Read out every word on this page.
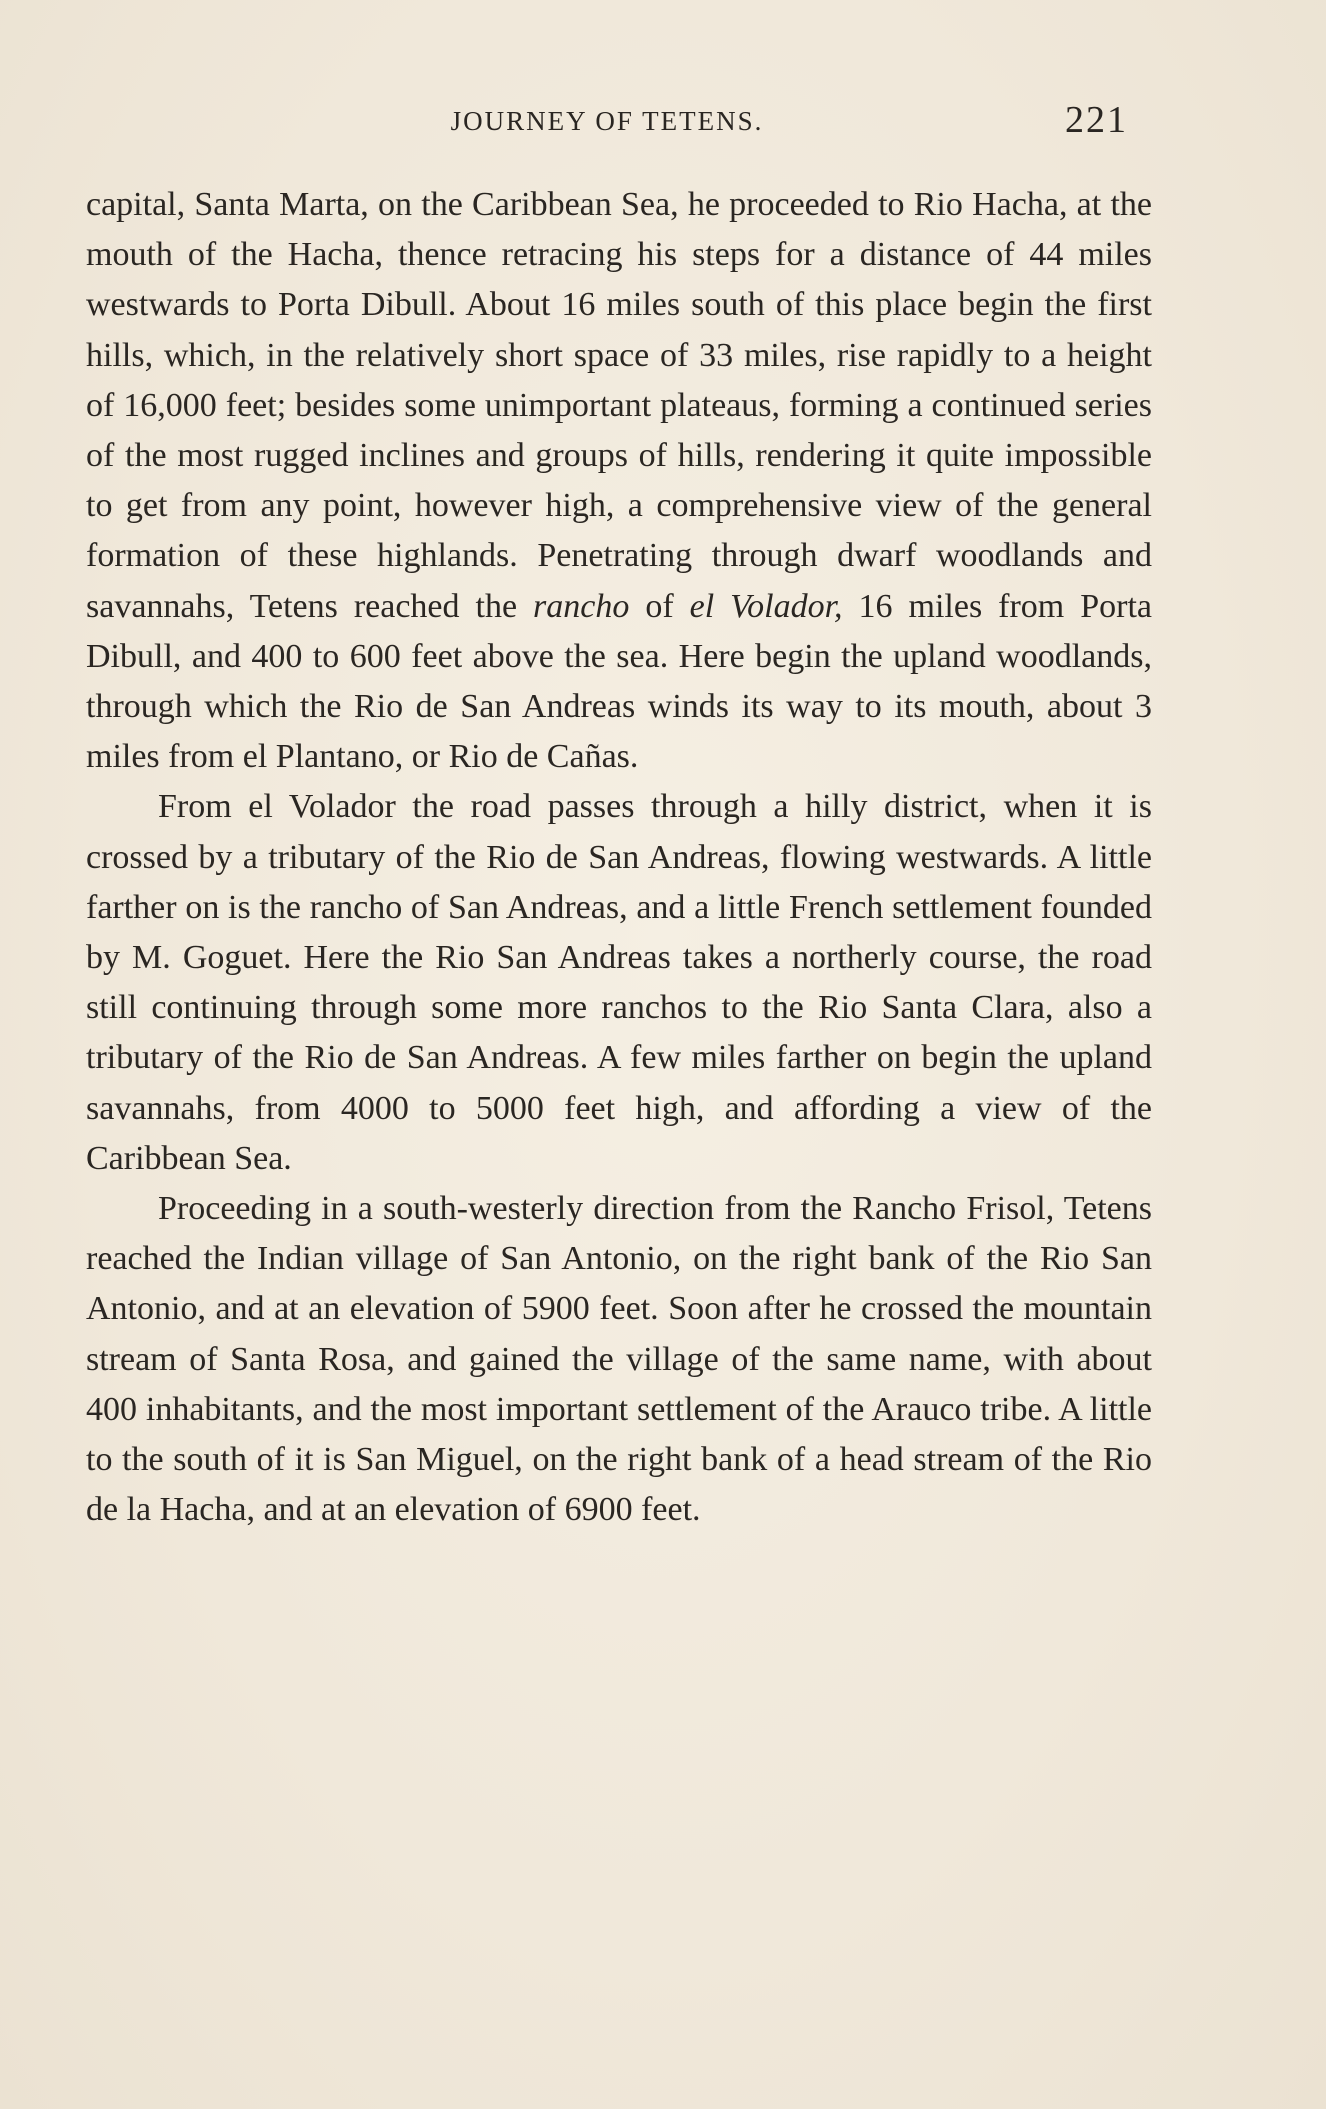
JOURNEY OF TETENS.	221

capital, Santa Marta, on the Caribbean Sea, he proceeded to Rio Hacha, at the mouth of the Hacha, thence retracing his steps for a distance of 44 miles westwards to Porta Dibull. About 16 miles south of this place begin the first hills, which, in the relatively short space of 33 miles, rise rapidly to a height of 16,000 feet; besides some unimportant plateaus, forming a continued series of the most rugged inclines and groups of hills, rendering it quite impossible to get from any point, however high, a comprehensive view of the general formation of these highlands. Penetrating through dwarf woodlands and savannahs, Tetens reached the rancho of el Volador, 16 miles from Porta Dibull, and 400 to 600 feet above the sea. Here begin the upland woodlands, through which the Rio de San Andreas winds its way to its mouth, about 3 miles from el Plantano, or Rio de Cañas.

From el Volador the road passes through a hilly district, when it is crossed by a tributary of the Rio de San Andreas, flowing westwards. A little farther on is the rancho of San Andreas, and a little French settlement founded by M. Goguet. Here the Rio San Andreas takes a northerly course, the road still continuing through some more ranchos to the Rio Santa Clara, also a tributary of the Rio de San Andreas. A few miles farther on begin the upland savannahs, from 4000 to 5000 feet high, and affording a view of the Caribbean Sea.

Proceeding in a south-westerly direction from the Rancho Frisol, Tetens reached the Indian village of San Antonio, on the right bank of the Rio San Antonio, and at an elevation of 5900 feet. Soon after he crossed the mountain stream of Santa Rosa, and gained the village of the same name, with about 400 inhabitants, and the most important settlement of the Arauco tribe. A little to the south of it is San Miguel, on the right bank of a head stream of the Rio de la Hacha, and at an elevation of 6900 feet.
